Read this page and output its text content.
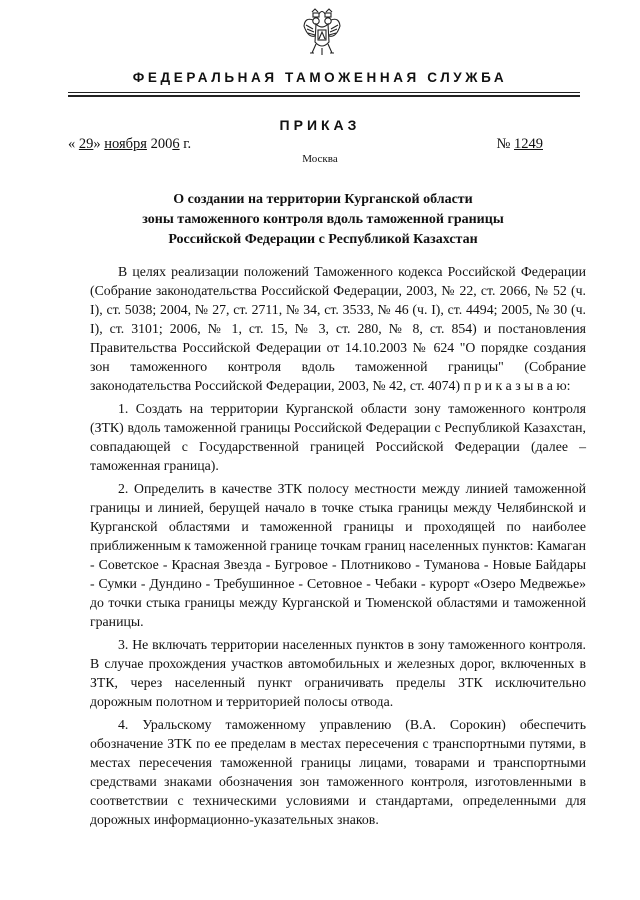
ФЕДЕРАЛЬНАЯ ТАМОЖЕННАЯ СЛУЖБА
ПРИКАЗ
« 29» ноября 2006 г.	№ 1249
Москва
О создании на территории Курганской области
зоны таможенного контроля вдоль таможенной границы
Российской Федерации с Республикой Казахстан

В целях реализации положений Таможенного кодекса Российской Федерации (Собрание законодательства Российской Федерации, 2003, № 22, ст. 2066, № 52 (ч. I), ст. 5038; 2004, № 27, ст. 2711, № 34, ст. 3533, № 46 (ч. I), ст. 4494; 2005, № 30 (ч. I), ст. 3101; 2006, № 1, ст. 15, № 3, ст. 280, № 8, ст. 854) и постановления Правительства Российской Федерации от 14.10.2003 № 624 "О порядке создания зон таможенного контроля вдоль таможенной границы" (Собрание законодательства Российской Федерации, 2003, № 42, ст. 4074) п р и к а з ы в а ю:

1. Создать на территории Курганской области зону таможенного контроля (ЗТК) вдоль таможенной границы Российской Федерации с Республикой Казахстан, совпадающей с Государственной границей Российской Федерации (далее – таможенная граница).

2. Определить в качестве ЗТК полосу местности между линией таможенной границы и линией, берущей начало в точке стыка границы между Челябинской и Курганской областями и таможенной границы и проходящей по наиболее приближенным к таможенной границе точкам границ населенных пунктов: Камаган - Советское - Красная Звезда - Бугровое - Плотниково - Туманова - Новые Байдары - Сумки - Дундино - Требушинное - Сетовное - Чебаки - курорт «Озеро Медвежье» до точки стыка границы между Курганской и Тюменской областями и таможенной границы.

3. Не включать территории населенных пунктов в зону таможенного контроля. В случае прохождения участков автомобильных и железных дорог, включенных в ЗТК, через населенный пункт ограничивать пределы ЗТК исключительно дорожным полотном и территорией полосы отвода.

4. Уральскому таможенному управлению (В.А. Сорокин) обеспечить обозначение ЗТК по ее пределам в местах пересечения с транспортными путями, в местах пересечения таможенной границы лицами, товарами и транспортными средствами знаками обозначения зон таможенного контроля, изготовленными в соответствии с техническими условиями и стандартами, определенными для дорожных информационно-указательных знаков.
